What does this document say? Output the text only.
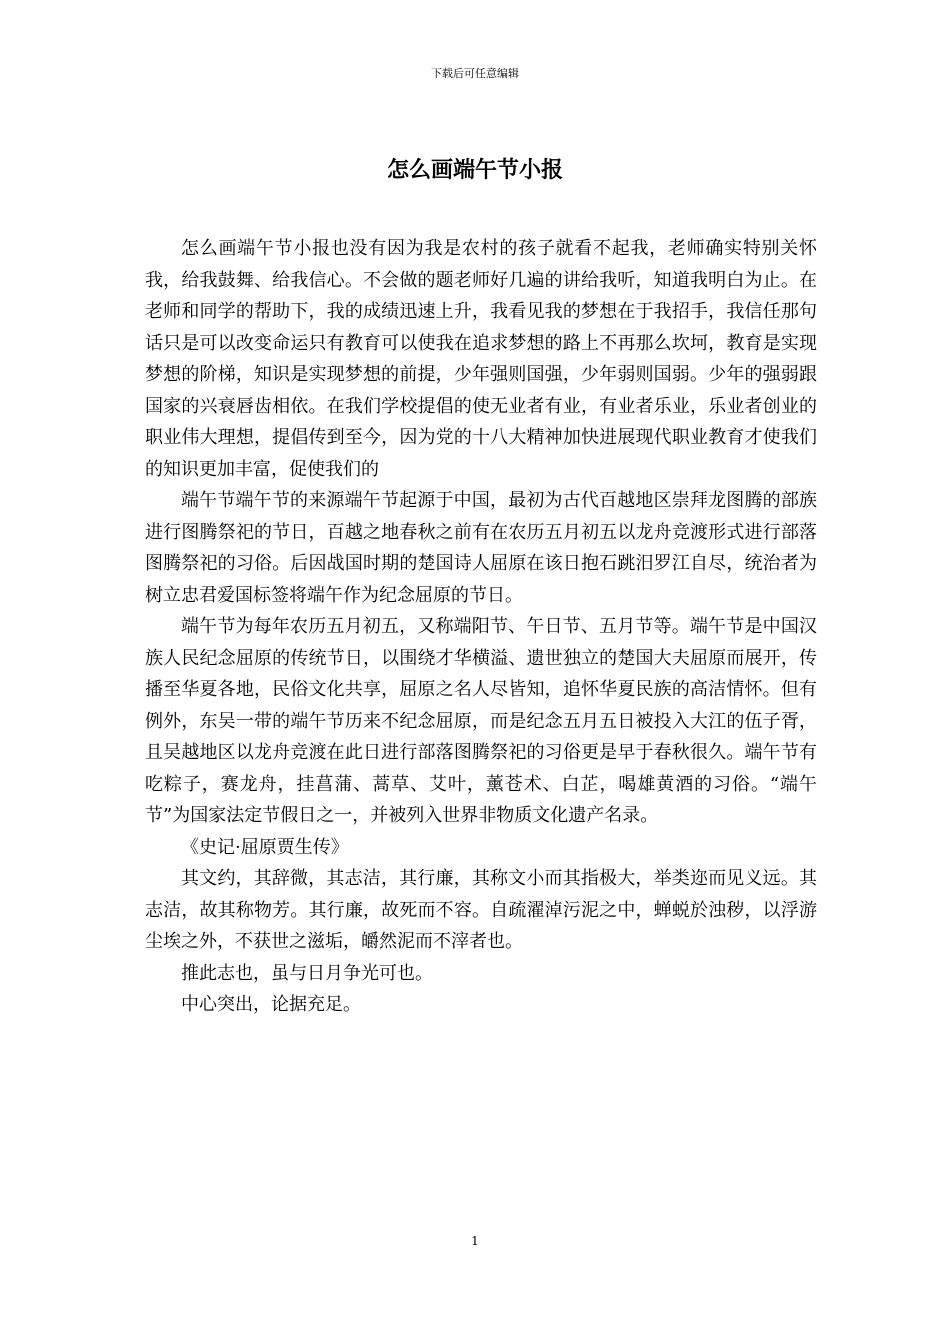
下载后可任意编辑
怎么画端午节小报

怎么画端午节小报也没有因为我是农村的孩子就看不起我，老师确实特别关怀我，给我鼓舞、给我信心。不会做的题老师好几遍的讲给我听，知道我明白为止。在老师和同学的帮助下，我的成绩迅速上升，我看见我的梦想在于我招手，我信任那句话只是可以改变命运只有教育可以使我在追求梦想的路上不再那么坎坷，教育是实现梦想的阶梯，知识是实现梦想的前提，少年强则国强，少年弱则国弱。少年的强弱跟国家的兴衰唇齿相依。在我们学校提倡的使无业者有业，有业者乐业，乐业者创业的职业伟大理想，提倡传到至今，因为党的十八大精神加快进展现代职业教育才使我们的知识更加丰富，促使我们的

端午节端午节的来源端午节起源于中国，最初为古代百越地区崇拜龙图腾的部族进行图腾祭祀的节日，百越之地春秋之前有在农历五月初五以龙舟竞渡形式进行部落图腾祭祀的习俗。后因战国时期的楚国诗人屈原在该日抱石跳汨罗江自尽，统治者为树立忠君爱国标签将端午作为纪念屈原的节日。

端午节为每年农历五月初五，又称端阳节、午日节、五月节等。端午节是中国汉族人民纪念屈原的传统节日，以围绕才华横溢、遗世独立的楚国大夫屈原而展开，传播至华夏各地，民俗文化共享，屈原之名人尽皆知，追怀华夏民族的高洁情怀。但有例外，东吴一带的端午节历来不纪念屈原，而是纪念五月五日被投入大江的伍子胥，且吴越地区以龙舟竞渡在此日进行部落图腾祭祀的习俗更是早于春秋很久。端午节有吃粽子，赛龙舟，挂菖蒲、蒿草、艾叶，薰苍术、白芷，喝雄黄酒的习俗。“端午节”为国家法定节假日之一，并被列入世界非物质文化遗产名录。

《史记·屈原贾生传》

其文约，其辞微，其志洁，其行廉，其称文小而其指极大，举类迩而见义远。其志洁，故其称物芳。其行廉，故死而不容。自疏濯淖污泥之中，蝉蜕於浊秽，以浮游尘埃之外，不获世之滋垢，皭然泥而不滓者也。

推此志也，虽与日月争光可也。

中心突出，论据充足。

1
